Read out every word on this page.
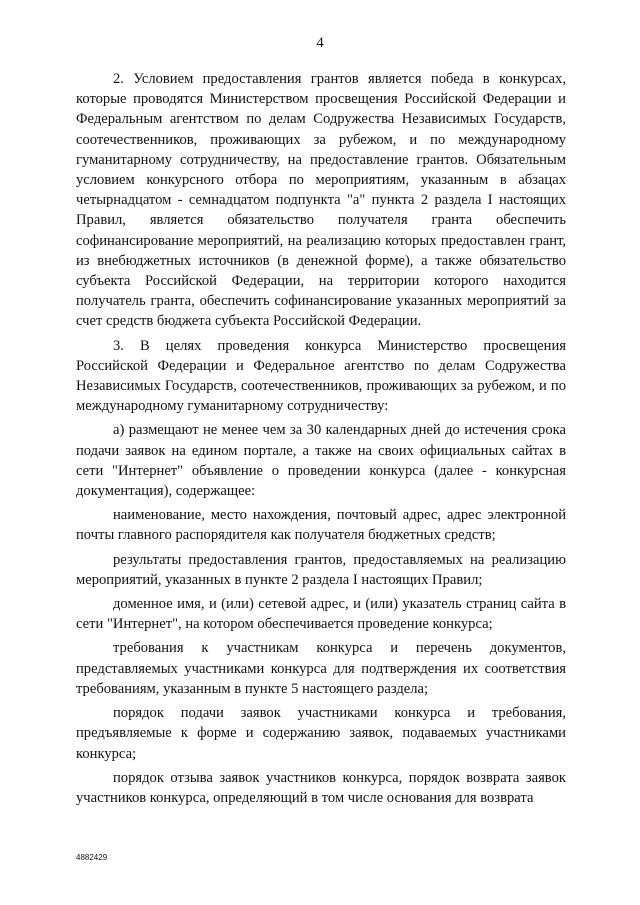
4

2. Условием предоставления грантов является победа в конкурсах, которые проводятся Министерством просвещения Российской Федерации и Федеральным агентством по делам Содружества Независимых Государств, соотечественников, проживающих за рубежом, и по международному гуманитарному сотрудничеству, на предоставление грантов. Обязательным условием конкурсного отбора по мероприятиям, указанным в абзацах четырнадцатом - семнадцатом подпункта "а" пункта 2 раздела I настоящих Правил, является обязательство получателя гранта обеспечить софинансирование мероприятий, на реализацию которых предоставлен грант, из внебюджетных источников (в денежной форме), а также обязательство субъекта Российской Федерации, на территории которого находится получатель гранта, обеспечить софинансирование указанных мероприятий за счет средств бюджета субъекта Российской Федерации.

3. В целях проведения конкурса Министерство просвещения Российской Федерации и Федеральное агентство по делам Содружества Независимых Государств, соотечественников, проживающих за рубежом, и по международному гуманитарному сотрудничеству:

а) размещают не менее чем за 30 календарных дней до истечения срока подачи заявок на едином портале, а также на своих официальных сайтах в сети "Интернет" объявление о проведении конкурса (далее - конкурсная документация), содержащее:

наименование, место нахождения, почтовый адрес, адрес электронной почты главного распорядителя как получателя бюджетных средств;

результаты предоставления грантов, предоставляемых на реализацию мероприятий, указанных в пункте 2 раздела I настоящих Правил;

доменное имя, и (или) сетевой адрес, и (или) указатель страниц сайта в сети "Интернет", на котором обеспечивается проведение конкурса;

требования к участникам конкурса и перечень документов, представляемых участниками конкурса для подтверждения их соответствия требованиям, указанным в пункте 5 настоящего раздела;

порядок подачи заявок участниками конкурса и требования, предъявляемые к форме и содержанию заявок, подаваемых участниками конкурса;

порядок отзыва заявок участников конкурса, порядок возврата заявок участников конкурса, определяющий в том числе основания для возврата

4882429
